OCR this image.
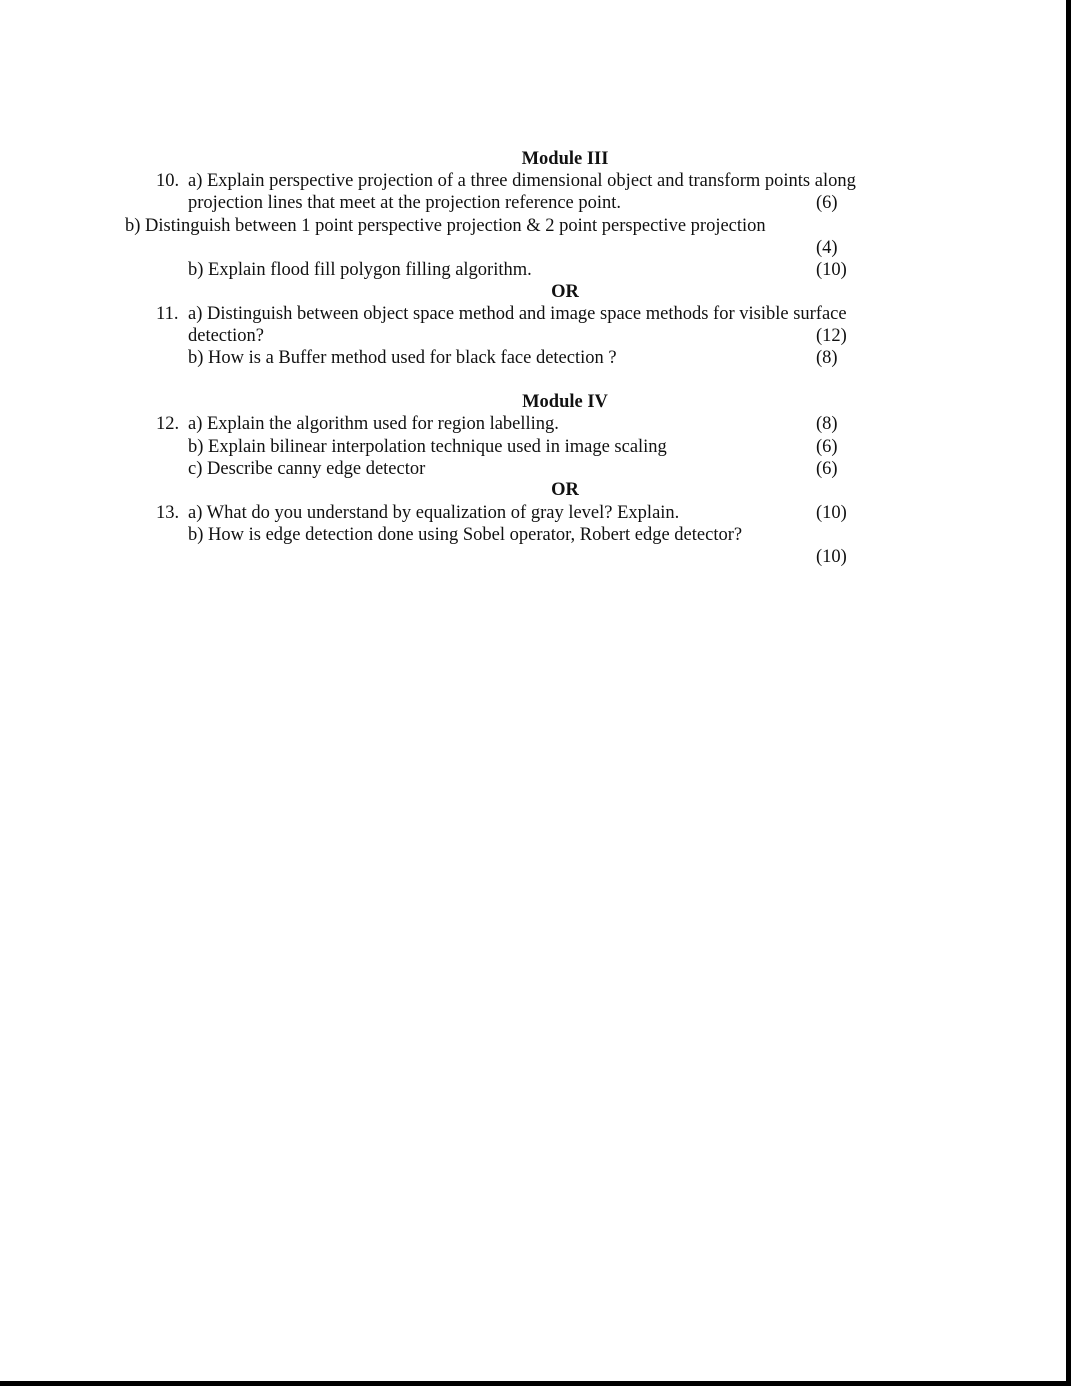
Module III
10. a) Explain perspective projection of a three dimensional object and transform points along
projection lines that meet at the projection reference point.	(6)
b) Distinguish between 1 point perspective projection & 2 point perspective projection
(4)
b) Explain flood fill polygon filling algorithm.	(10)
OR
11. a) Distinguish between object space method and image space methods for visible surface
detection?	(12)
b) How is a Buffer method used for black face detection ?	(8)
Module IV
12. a) Explain the algorithm used for region labelling.	(8)
b) Explain bilinear interpolation technique used in image scaling	(6)
c) Describe canny edge detector	(6)
OR
13. a) What do you understand by equalization of gray level? Explain.	(10)
b) How is edge detection done using Sobel operator, Robert edge detector?
(10)
